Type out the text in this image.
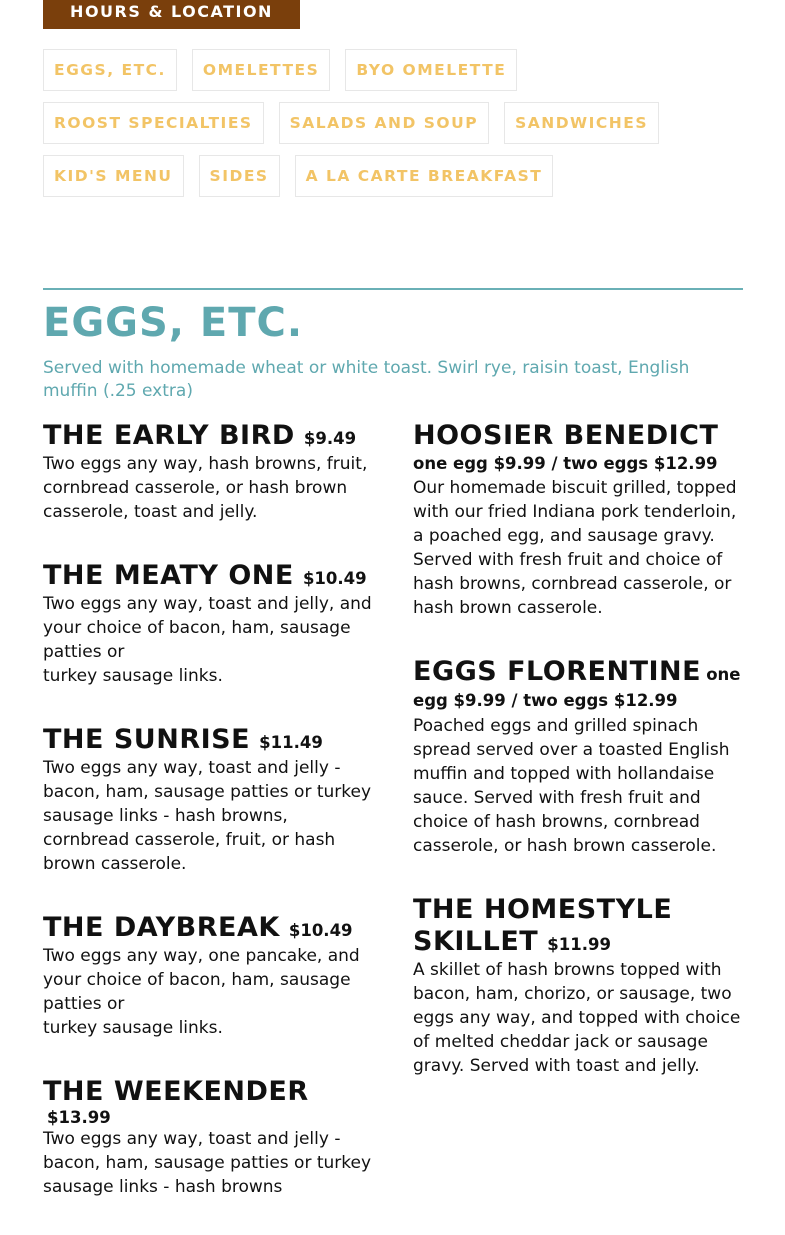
HOURS & LOCATION
EGGS, ETC.	OMELETTES	BYO OMELETTE
ROOST SPECIALTIES	SALADS AND SOUP	SANDWICHES
KID'S MENU	SIDES	A LA CARTE BREAKFAST
EGGS, ETC.
Served with homemade wheat or white toast. Swirl rye, raisin toast, English muffin (.25 extra)
THE EARLY BIRD $9.49
Two eggs any way, hash browns, fruit, cornbread casserole, or hash brown casserole, toast and jelly.
THE MEATY ONE $10.49
Two eggs any way, toast and jelly, and your choice of bacon, ham, sausage patties or
turkey sausage links.
THE SUNRISE $11.49
Two eggs any way, toast and jelly - bacon, ham, sausage patties or turkey sausage links - hash browns, cornbread casserole, fruit, or hash brown casserole.
THE DAYBREAK $10.49
Two eggs any way, one pancake, and your choice of bacon, ham, sausage patties or
turkey sausage links.
THE WEEKENDER $13.99
Two eggs any way, toast and jelly - bacon, ham, sausage patties or turkey sausage links - hash browns
HOOSIER BENEDICT
one egg $9.99 / two eggs $12.99
Our homemade biscuit grilled, topped with our fried Indiana pork tenderloin, a poached egg, and sausage gravy. Served with fresh fruit and choice of hash browns, cornbread casserole, or hash brown casserole.
EGGS FLORENTINE one egg $9.99 / two eggs $12.99
Poached eggs and grilled spinach spread served over a toasted English muffin and topped with hollandaise sauce. Served with fresh fruit and choice of hash browns, cornbread casserole, or hash brown casserole.
THE HOMESTYLE SKILLET $11.99
A skillet of hash browns topped with bacon, ham, chorizo, or sausage, two eggs any way, and topped with choice of melted cheddar jack or sausage gravy. Served with toast and jelly.
